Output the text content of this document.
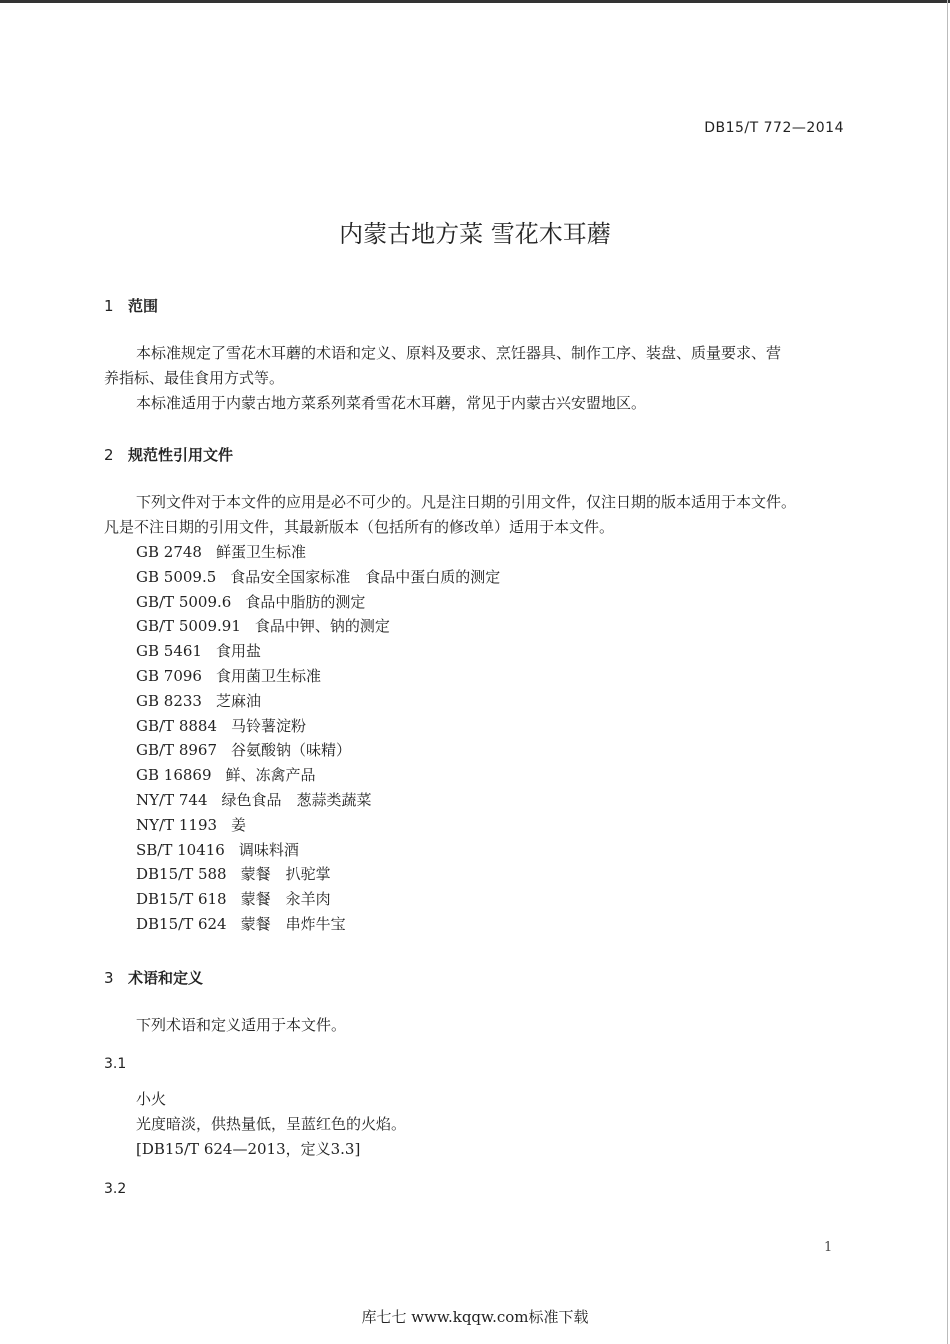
DB15/T 772—2014
内蒙古地方菜 雪花木耳蘑
1 范围
本标准规定了雪花木耳蘑的术语和定义、原料及要求、烹饪器具、制作工序、装盘、质量要求、营
养指标、最佳食用方式等。
本标准适用于内蒙古地方菜系列菜肴雪花木耳蘑，常见于内蒙古兴安盟地区。
2 规范性引用文件
下列文件对于本文件的应用是必不可少的。凡是注日期的引用文件，仅注日期的版本适用于本文件。
凡是不注日期的引用文件，其最新版本（包括所有的修改单）适用于本文件。
GB 2748 鲜蛋卫生标准
GB 5009.5 食品安全国家标准　食品中蛋白质的测定
GB/T 5009.6 食品中脂肪的测定
GB/T 5009.91 食品中钾、钠的测定
GB 5461 食用盐
GB 7096 食用菌卫生标准
GB 8233 芝麻油
GB/T 8884 马铃薯淀粉
GB/T 8967 谷氨酸钠（味精）
GB 16869 鲜、冻禽产品
NY/T 744 绿色食品　葱蒜类蔬菜
NY/T 1193 姜
SB/T 10416 调味料酒
DB15/T 588 蒙餐　扒驼掌
DB15/T 618 蒙餐　汆羊肉
DB15/T 624 蒙餐　串炸牛宝
3 术语和定义
下列术语和定义适用于本文件。
3.1
小火
光度暗淡，供热量低，呈蓝红色的火焰。
[DB15/T 624—2013，定义3.3]
3.2
1
库七七 www.kqqw.com标准下载
